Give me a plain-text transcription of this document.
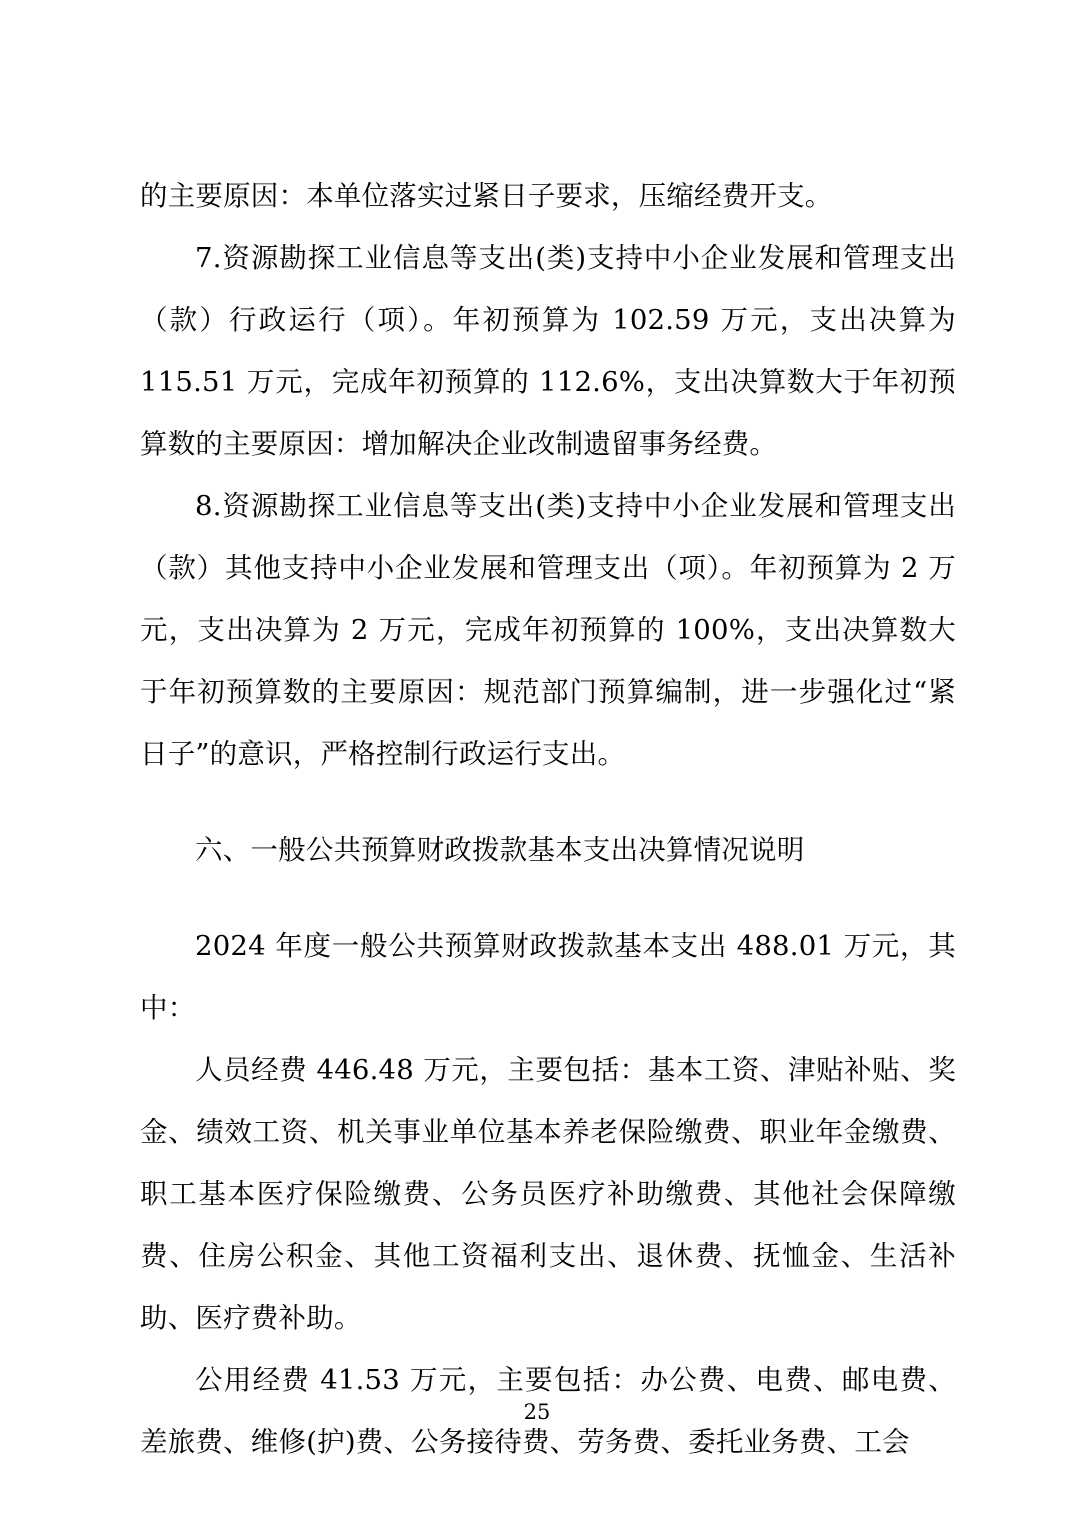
的主要原因：本单位落实过紧日子要求，压缩经费开支。

7.资源勘探工业信息等支出(类)支持中小企业发展和管理支出（款）行政运行（项）。年初预算为 102.59 万元，支出决算为 115.51 万元，完成年初预算的 112.6%，支出决算数大于年初预算数的主要原因：增加解决企业改制遗留事务经费。

8.资源勘探工业信息等支出(类)支持中小企业发展和管理支出（款）其他支持中小企业发展和管理支出（项）。年初预算为 2 万元，支出决算为 2 万元，完成年初预算的 100%，支出决算数大于年初预算数的主要原因：规范部门预算编制，进一步强化过“紧日子”的意识，严格控制行政运行支出。

六、一般公共预算财政拨款基本支出决算情况说明

2024 年度一般公共预算财政拨款基本支出 488.01 万元，其中：

人员经费 446.48 万元，主要包括：基本工资、津贴补贴、奖金、绩效工资、机关事业单位基本养老保险缴费、职业年金缴费、职工基本医疗保险缴费、公务员医疗补助缴费、其他社会保障缴费、住房公积金、其他工资福利支出、退休费、抚恤金、生活补助、医疗费补助。

公用经费 41.53 万元，主要包括：办公费、电费、邮电费、差旅费、维修(护)费、公务接待费、劳务费、委托业务费、工会

25
